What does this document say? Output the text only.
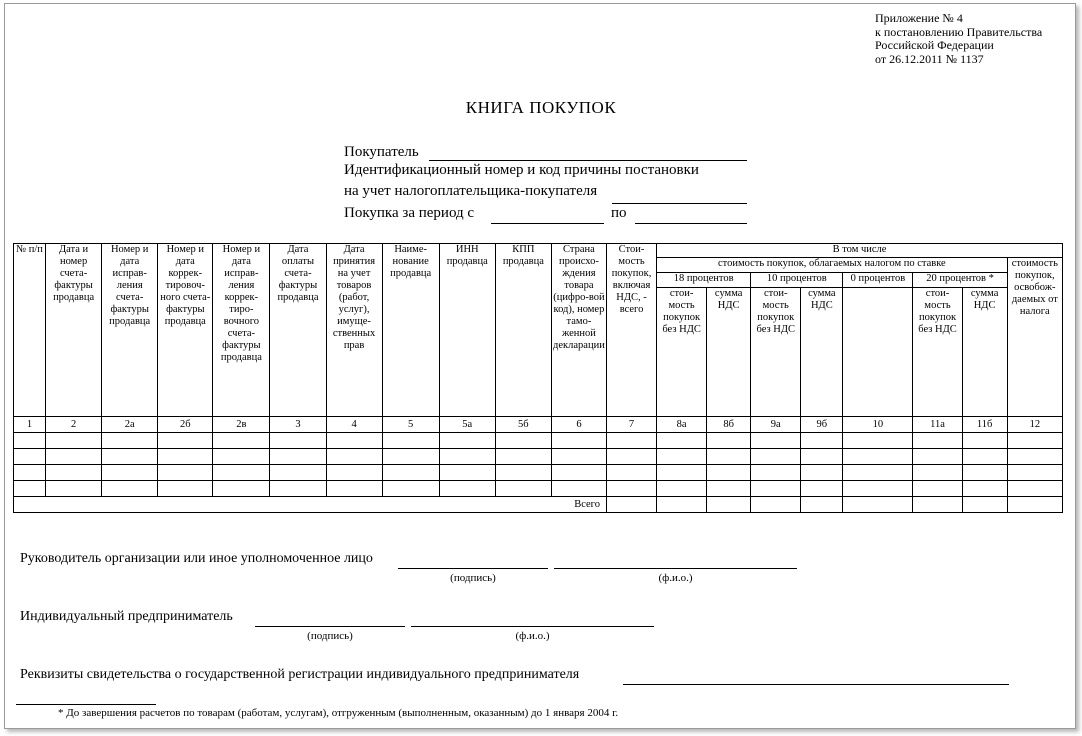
Приложение № 4
к постановлению Правительства
Российской Федерации
от 26.12.2011 № 1137
КНИГА ПОКУПОК
Покупатель
Идентификационный номер и код причины постановки
на учет налогоплательщика-покупателя
Покупка за период с	по
№ п/п	Дата и номер счета-фактуры продавца	Номер и дата исправ-ления счета-фактуры продавца	Номер и дата коррек-тировоч-ного счета-фактуры продавца	Номер и дата исправ-ления коррек-тиро-вочного счета-фактуры продавца	Дата оплаты счета-фактуры продавца	Дата принятия на учет товаров (работ, услуг), имуще-ственных прав	Наиме-нование продавца	ИНН продавца	КПП продавца	Страна происхо-ждения товара (цифро-вой код), номер тамо-женной декларации	Стои-мость покупок, включая НДС, - всего	В том числе							
												стоимость покупок, облагаемых налогом по ставке							стоимость покупок, освобож-даемых от налога
												18 процентов		10 процентов		0 процентов	20 процентов *		
												стои-мость покупок без НДС	сумма НДС	стои-мость покупок без НДС	сумма НДС		стои-мость покупок без НДС	сумма НДС	
1	2	2а	2б	2в	3	4	5	5а	5б	6	7	8а	8б	9а	9б	10	11а	11б	12

Всего																			
Руководитель организации или иное уполномоченное лицо
(подпись)	(ф.и.о.)
Индивидуальный предприниматель
(подпись)	(ф.и.о.)
Реквизиты свидетельства о государственной регистрации индивидуального предпринимателя
* До завершения расчетов по товарам (работам, услугам), отгруженным (выполненным, оказанным) до 1 января 2004 г.
